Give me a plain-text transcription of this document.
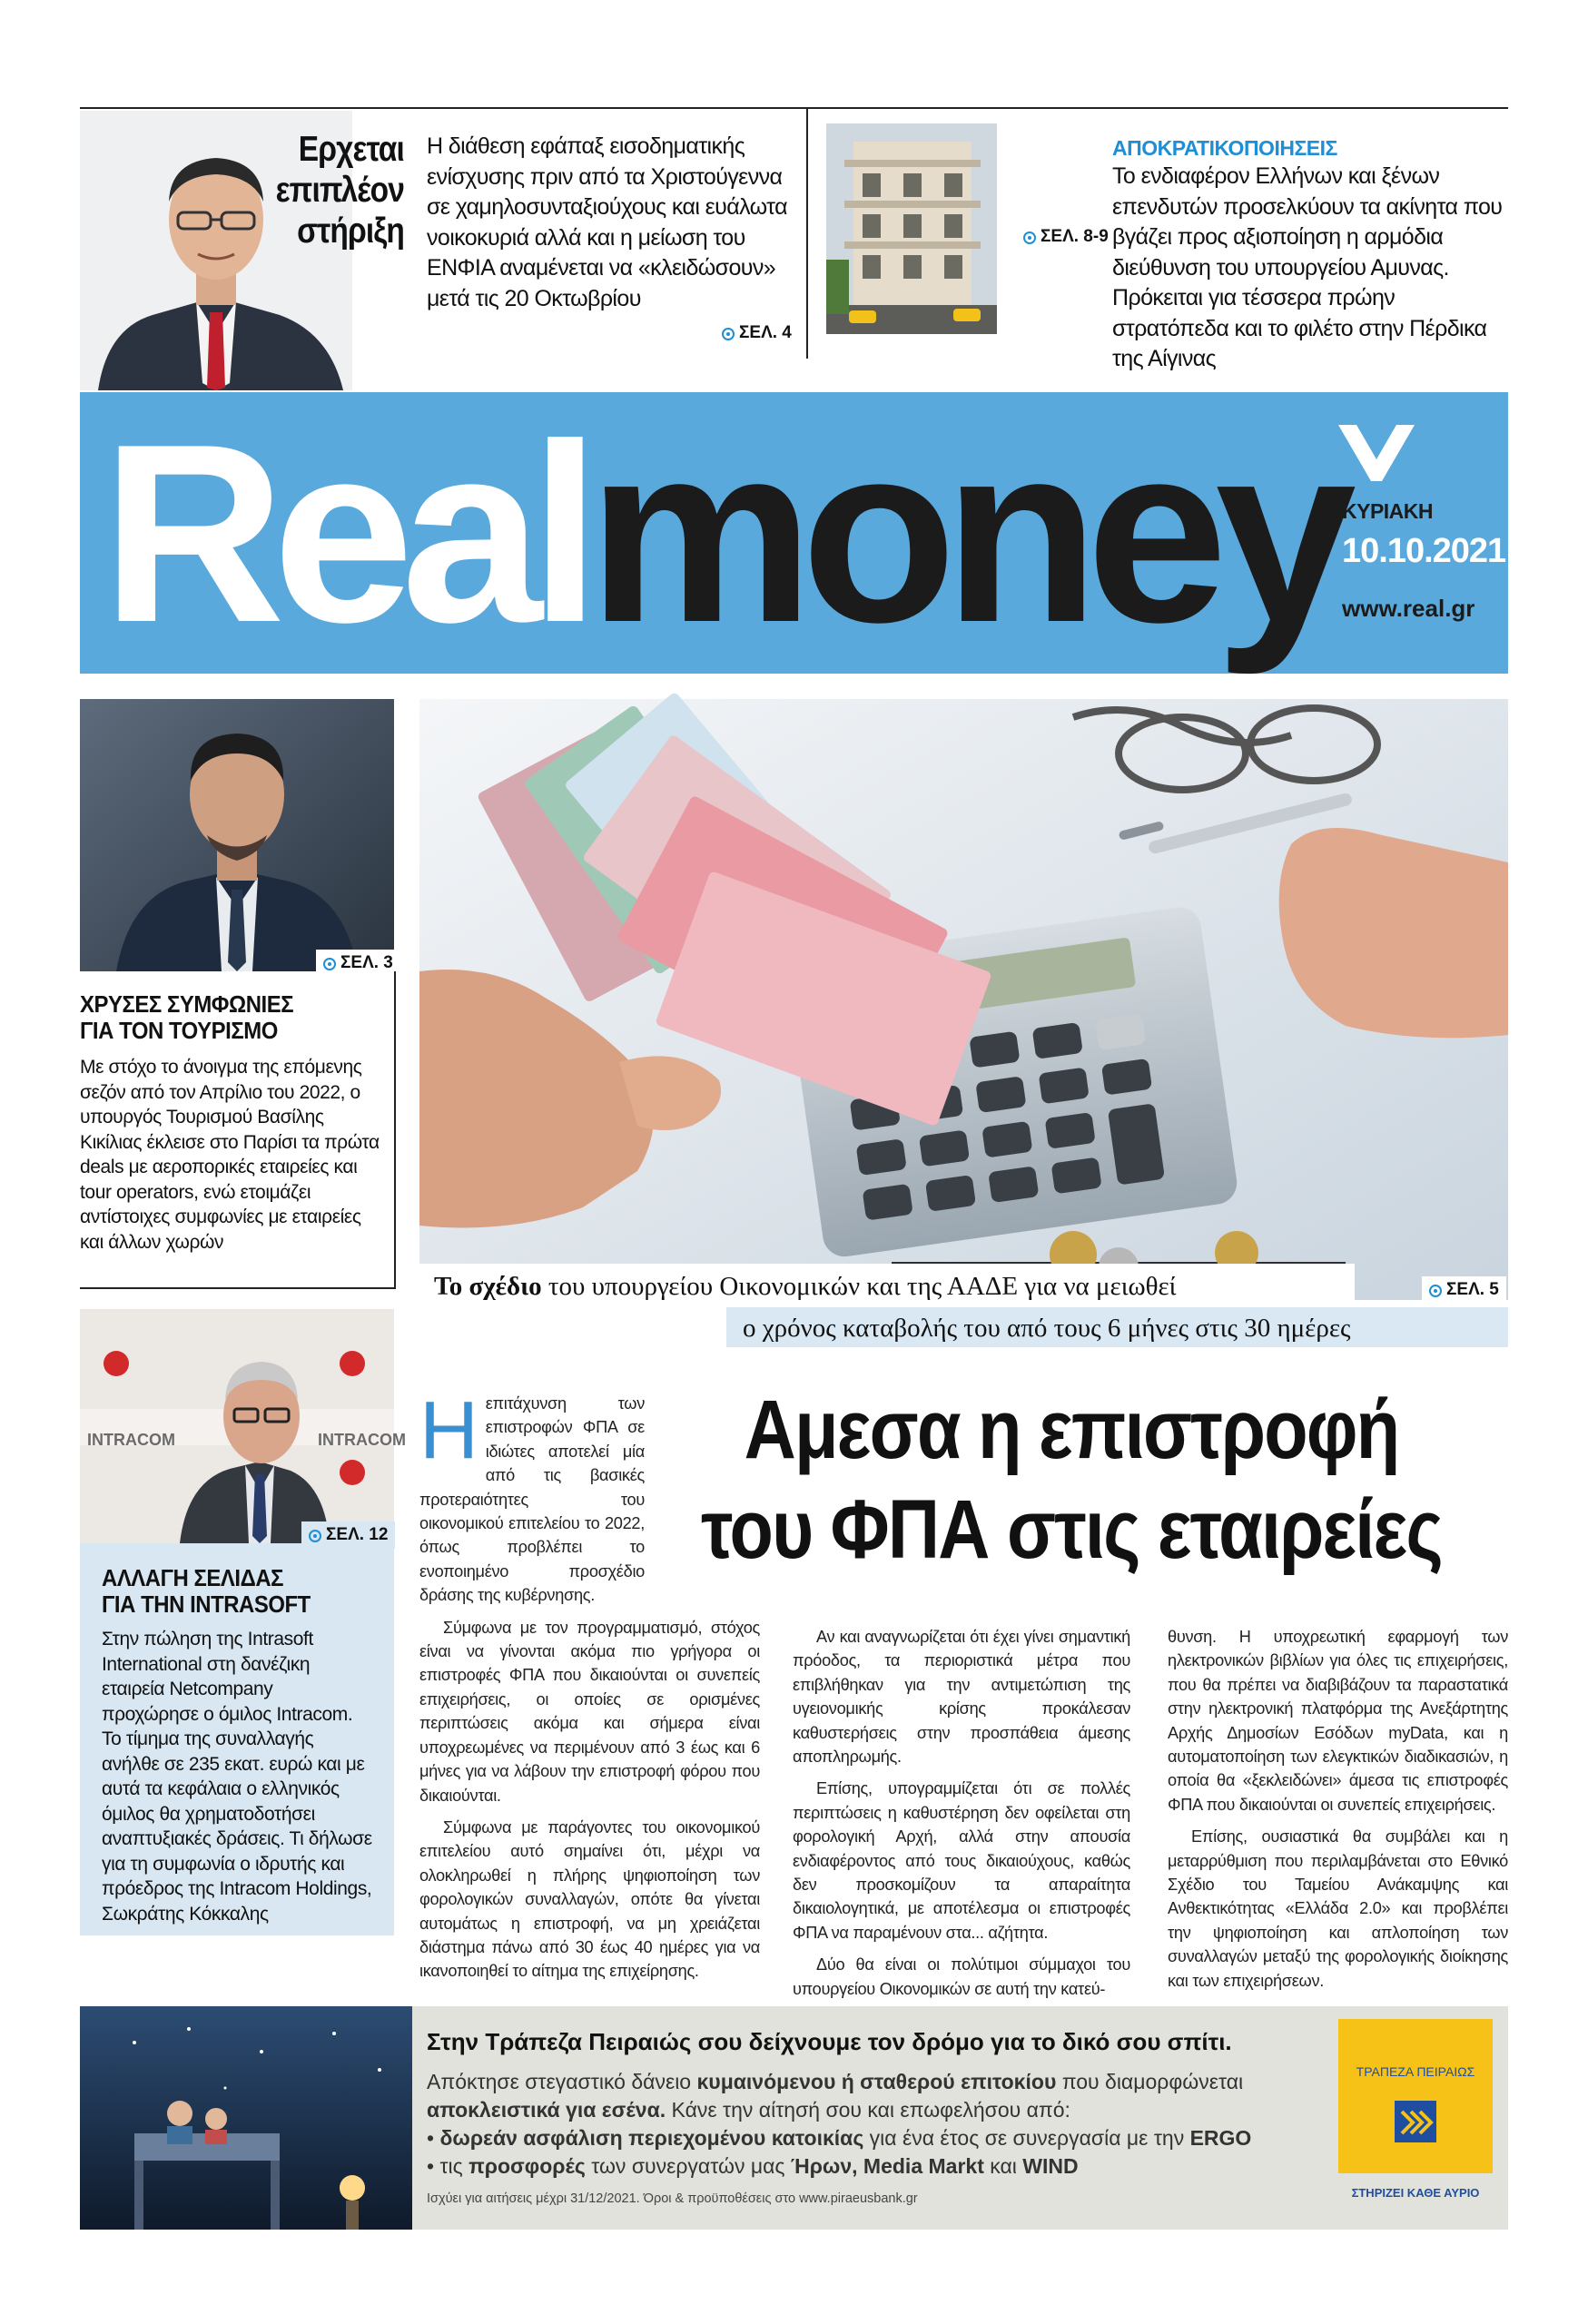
Ερχεται
επιπλέον
στήριξη
Η διάθεση εφάπαξ εισοδηματικής ενίσχυσης πριν από τα Χριστούγεννα σε χαμηλοσυνταξιούχους και ευάλωτα νοικοκυριά αλλά και η μείωση του ΕΝΦΙΑ αναμένεται να «κλειδώσουν» μετά τις 20 Οκτωβρίου
ΣΕΛ. 4
ΣΕΛ. 8-9
ΑΠΟΚΡΑΤΙΚΟΠΟΙΗΣΕΙΣ
Το ενδιαφέρον Ελλήνων και ξένων επενδυτών προσελκύουν τα ακίνητα που βγάζει προς αξιοποίηση η αρμόδια διεύθυνση του υπουργείου Αμυνας. Πρόκειται για τέσσερα πρώην στρατόπεδα και το φιλέτο στην Πέρδικα της Αίγινας
Realmoney
ΚΥΡΙΑΚΗ
10.10.2021
www.real.gr
ΣΕΛ. 3
ΧΡΥΣΕΣ ΣΥΜΦΩΝΙΕΣ
ΓΙΑ ΤΟΝ ΤΟΥΡΙΣΜΟ
Με στόχο το άνοιγμα της επόμενης σεζόν από τον Απρίλιο του 2022, ο υπουργός Τουρισμού Βασίλης Κικίλιας έκλεισε στο Παρίσι τα πρώτα deals με αεροπορικές εταιρείες και tour operators, ενώ ετοιμάζει αντίστοιχες συμφωνίες με εταιρείες και άλλων χωρών
INTRACOM	INTRACOM
ΣΕΛ. 12
ΑΛΛΑΓΗ ΣΕΛΙΔΑΣ
ΓΙΑ ΤΗΝ INTRASOFT
Στην πώληση της Intrasoft International στη δανέζικη εταιρεία Netcompany προχώρησε ο όμιλος Intracom. Το τίμημα της συναλλαγής ανήλθε σε 235 εκατ. ευρώ και με αυτά τα κεφάλαια ο ελληνικός όμιλος θα χρηματοδοτήσει αναπτυξιακές δράσεις. Τι δήλωσε για τη συμφωνία ο ιδρυτής και πρόεδρος της Intracom Holdings, Σωκράτης Κόκκαλης
Το σχέδιο του υπουργείου Οικονομικών και της ΑΑΔΕ για να μειωθεί	ΣΕΛ. 5
ο χρόνος καταβολής του από τους 6 μήνες στις 30 ημέρες
Αμεσα η επιστροφή
του ΦΠΑ στις εταιρείες
Η επιτάχυνση των επιστροφών ΦΠΑ σε ιδιώτες αποτελεί μία από τις βασικές προτεραιότητες του οικονομικού επιτελείου το 2022, όπως προβλέπει το ενοποιημένο προσχέδιο δράσης της κυβέρνησης.

Σύμφωνα με τον προγραμματισμό, στόχος είναι να γίνονται ακόμα πιο γρήγορα οι επιστροφές ΦΠΑ που δικαιούνται οι συνεπείς επιχειρήσεις, οι οποίες σε ορισμένες περιπτώσεις ακόμα και σήμερα είναι υποχρεωμένες να περιμένουν από 3 έως και 6 μήνες για να λάβουν την επιστροφή φόρου που δικαιούνται.

Σύμφωνα με παράγοντες του οικονομικού επιτελείου αυτό σημαίνει ότι, μέχρι να ολοκληρωθεί η πλήρης ψηφιοποίηση των φορολογικών συναλλαγών, οπότε θα γίνεται αυτομάτως η επιστροφή, να μη χρειάζεται διάστημα πάνω από 30 έως 40 ημέρες για να ικανοποιηθεί το αίτημα της επιχείρησης.

Αν και αναγνωρίζεται ότι έχει γίνει σημαντική πρόοδος, τα περιοριστικά μέτρα που επιβλήθηκαν για την αντιμετώπιση της υγειονομικής κρίσης προκάλεσαν καθυστερήσεις στην προσπάθεια άμεσης αποπληρωμής.

Επίσης, υπογραμμίζεται ότι σε πολλές περιπτώσεις η καθυστέρηση δεν οφείλεται στη φορολογική Αρχή, αλλά στην απουσία ενδιαφέροντος από τους δικαιούχους, καθώς δεν προσκομίζουν τα απαραίτητα δικαιολογητικά, με αποτέλεσμα οι επιστροφές ΦΠΑ να παραμένουν στα... αζήτητα.

Δύο θα είναι οι πολύτιμοι σύμμαχοι του υπουργείου Οικονομικών σε αυτή την κατεύ-

θυνση. Η υποχρεωτική εφαρμογή των ηλεκτρονικών βιβλίων για όλες τις επιχειρήσεις, που θα πρέπει να διαβιβάζουν τα παραστατικά στην ηλεκτρονική πλατφόρμα της Ανεξάρτητης Αρχής Δημοσίων Εσόδων myData, και η αυτοματοποίηση των ελεγκτικών διαδικασιών, η οποία θα «ξεκλειδώνει» άμεσα τις επιστροφές ΦΠΑ που δικαιούνται οι συνεπείς επιχειρήσεις.

Επίσης, ουσιαστικά θα συμβάλει και η μεταρρύθμιση που περιλαμβάνεται στο Εθνικό Σχέδιο του Ταμείου Ανάκαμψης και Ανθεκτικότητας «Ελλάδα 2.0» και προβλέπει την ψηφιοποίηση και απλοποίηση των συναλλαγών μεταξύ της φορολογικής διοίκησης και των επιχειρήσεων.

Στην Τράπεζα Πειραιώς σου δείχνουμε τον δρόμο για το δικό σου σπίτι.
Απόκτησε στεγαστικό δάνειο κυμαινόμενου ή σταθερού επιτοκίου που διαμορφώνεται
αποκλειστικά για εσένα. Κάνε την αίτησή σου και επωφελήσου από:
• δωρεάν ασφάλιση περιεχομένου κατοικίας για ένα έτος σε συνεργασία με την ERGO
• τις προσφορές των συνεργατών μας Ήρων, Media Markt και WIND
Ισχύει για αιτήσεις μέχρι 31/12/2021. Όροι & προϋποθέσεις στο www.piraeusbank.gr
ΤΡΑΠΕΖΑ ΠΕΙΡΑΙΩΣ
ΣΤΗΡΙΖΕΙ ΚΑΘΕ ΑΥΡΙΟ
